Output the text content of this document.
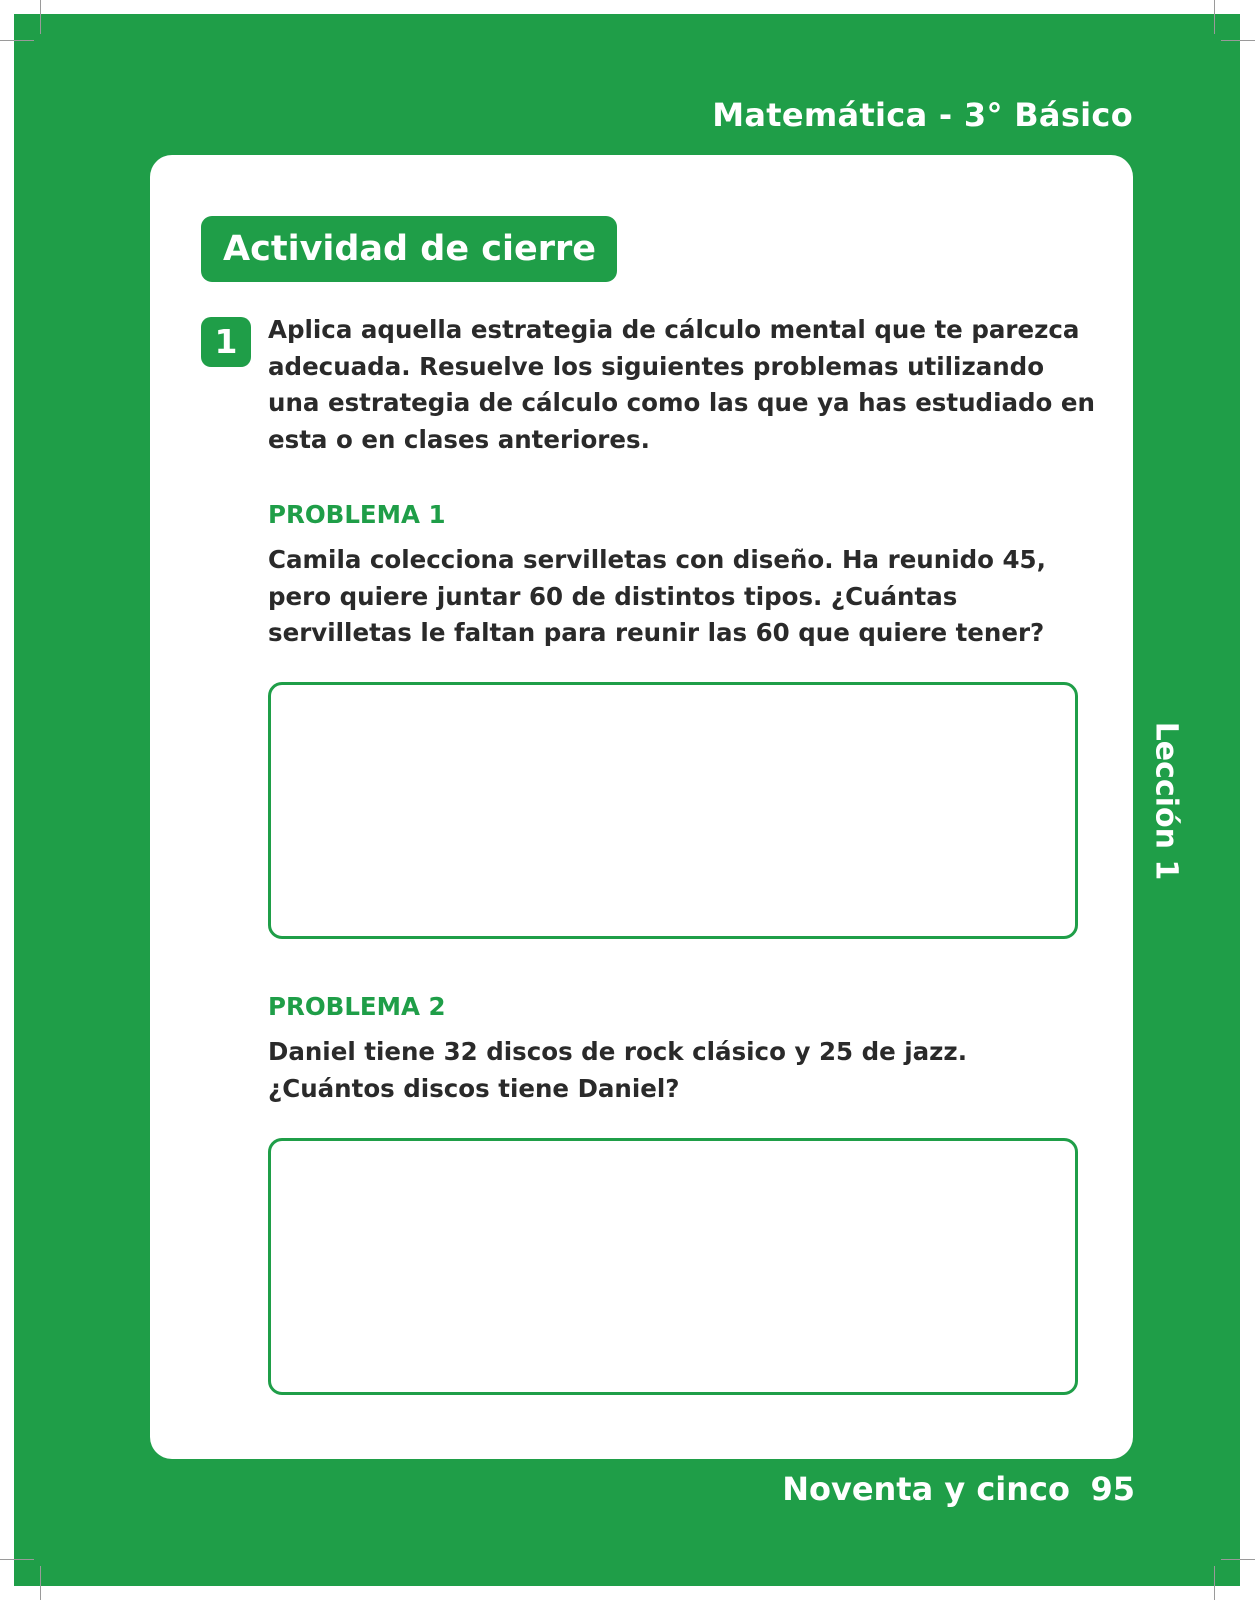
Matemática - 3° Básico
Actividad de cierre
1	Aplica aquella estrategia de cálculo mental que te parezca adecuada. Resuelve los siguientes problemas utilizando una estrategia de cálculo como las que ya has estudiado en esta o en clases anteriores.
PROBLEMA 1
Camila colecciona servilletas con diseño. Ha reunido 45, pero quiere juntar 60 de distintos tipos. ¿Cuántas servilletas le faltan para reunir las 60 que quiere tener?
PROBLEMA 2
Daniel tiene 32 discos de rock clásico y 25 de jazz. ¿Cuántos discos tiene Daniel?
Lección 1
Noventa y cinco 95
